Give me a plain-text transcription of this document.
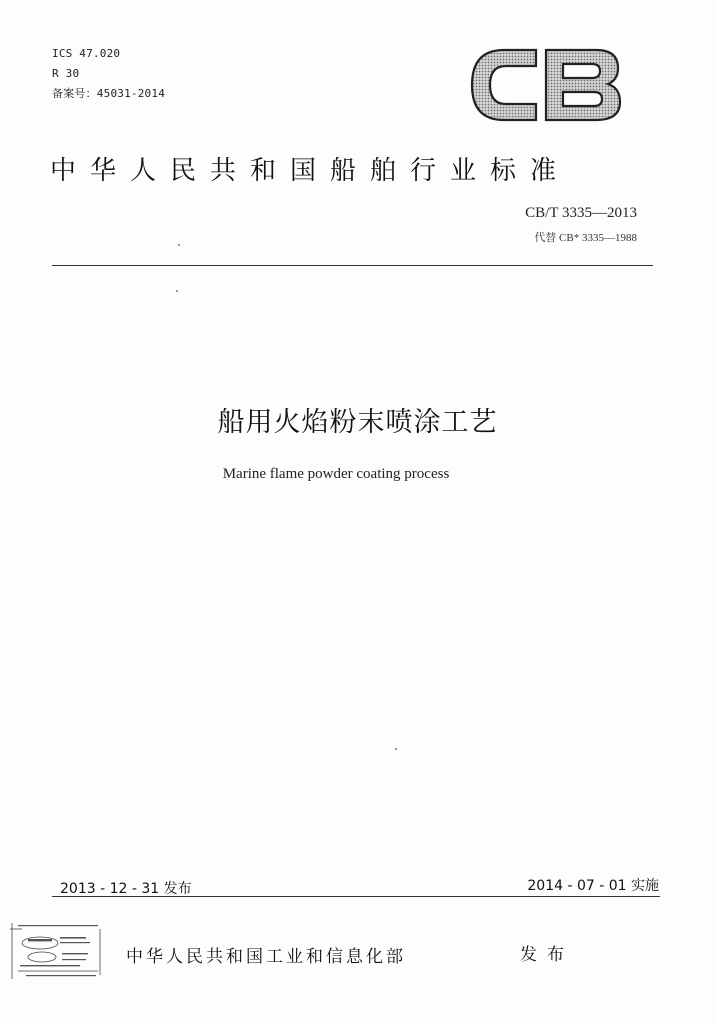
ICS 47.020
R 30
备案号：45031-2014
中华人民共和国船舶行业标准
CB/T 3335—2013
代替 CB* 3335—1988
船用火焰粉末喷涂工艺
Marine flame powder coating process
2013 - 12 - 31 发布	2014 - 07 - 01 实施
中华人民共和国工业和信息化部	发布
